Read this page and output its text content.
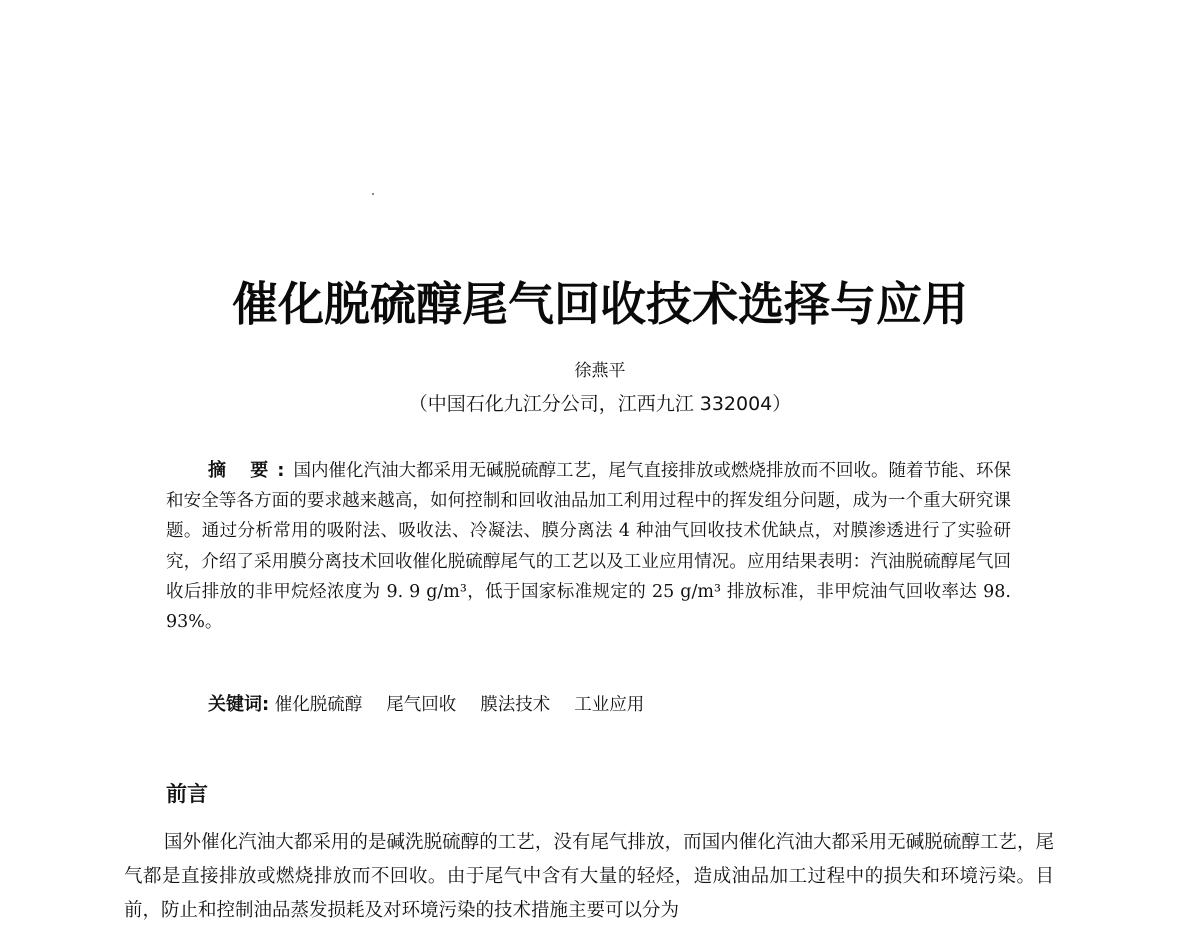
催化脱硫醇尾气回收技术选择与应用
徐燕平
（中国石化九江分公司，江西九江 332004）

摘 要:国内催化汽油大都采用无碱脱硫醇工艺，尾气直接排放或燃烧排放而不回收。随着节能、环保和安全等各方面的要求越来越高，如何控制和回收油品加工利用过程中的挥发组分问题，成为一个重大研究课题。通过分析常用的吸附法、吸收法、冷凝法、膜分离法 4 种油气回收技术优缺点，对膜渗透进行了实验研究，介绍了采用膜分离技术回收催化脱硫醇尾气的工艺以及工业应用情况。应用结果表明：汽油脱硫醇尾气回收后排放的非甲烷烃浓度为 9. 9 g/m³，低于国家标准规定的 25 g/m³ 排放标准，非甲烷油气回收率达 98. 93%。

关键词: 催化脱硫醇 尾气回收 膜法技术 工业应用

前言

国外催化汽油大都采用的是碱洗脱硫醇的工艺，没有尾气排放，而国内催化汽油大都采用无碱脱硫醇工艺，尾气都是直接排放或燃烧排放而不回收。由于尾气中含有大量的轻烃，造成油品加工过程中的损失和环境污染。目前，防止和控制油品蒸发损耗及对环境污染的技术措施主要可以分为
